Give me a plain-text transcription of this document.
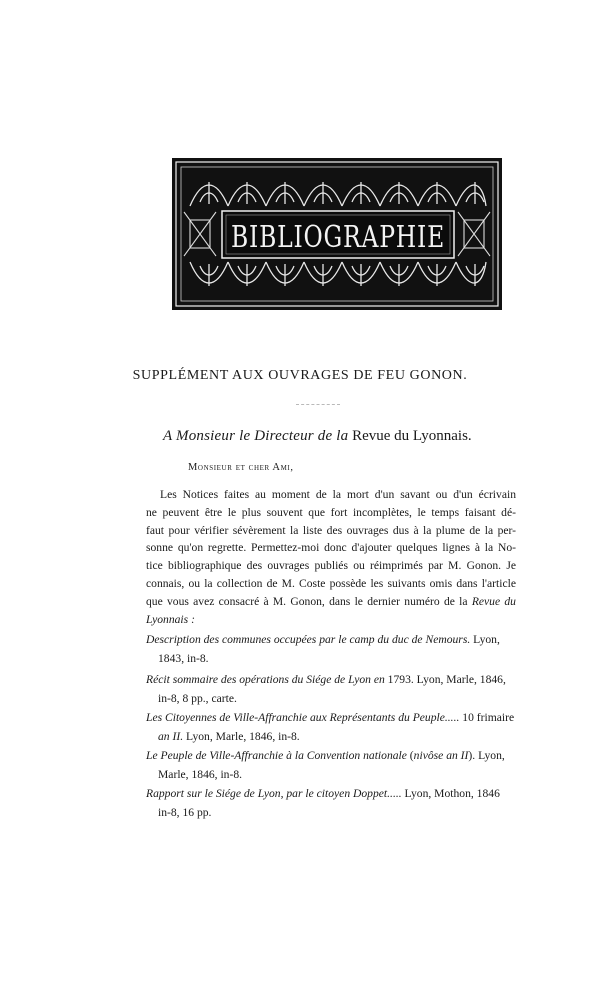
BIBLIOGRAPHIE
SUPPLÉMENT AUX OUVRAGES DE FEU GONON.
A Monsieur le Directeur de la Revue du Lyonnais.
Monsieur et cher Ami,
Les Notices faites au moment de la mort d'un savant ou d'un écrivain
ne peuvent être le plus souvent que fort incomplètes, le temps faisant dé-
faut pour vérifier sévèrement la liste des ouvrages dus à la plume de la per-
sonne qu'on regrette. Permettez-moi donc d'ajouter quelques lignes à la No-
tice bibliographique des ouvrages publiés ou réimprimés par M. Gonon. Je
connais, ou la collection de M. Coste possède les suivants omis dans l'article
que vous avez consacré à M. Gonon, dans le dernier numéro de la Revue du
Lyonnais :
Description des communes occupées par le camp du duc de Nemours. Lyon,
1843, in-8.
Récit sommaire des opérations du Siége de Lyon en 1793. Lyon, Marle, 1846,
in-8, 8 pp., carte.
Les Citoyennes de Ville-Affranchie aux Représentants du Peuple..... 10 frimaire
an II. Lyon, Marle, 1846, in-8.
Le Peuple de Ville-Affranchie à la Convention nationale (nivôse an II). Lyon,
Marle, 1846, in-8.
Rapport sur le Siége de Lyon, par le citoyen Doppet..... Lyon, Mothon, 1846
in-8, 16 pp.
